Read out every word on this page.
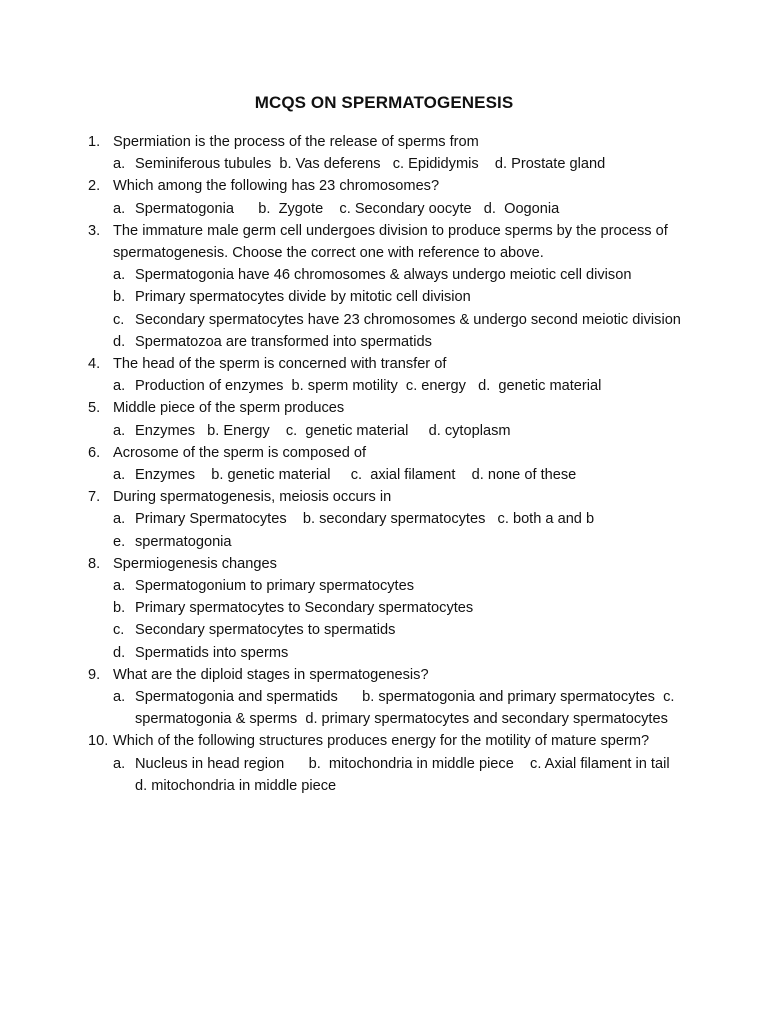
MCQS ON SPERMATOGENESIS
1. Spermiation is the process of the release of sperms from
a. Seminiferous tubules  b. Vas deferens   c. Epididymis    d. Prostate gland
2. Which among the following has 23 chromosomes?
a. Spermatogonia      b.  Zygote    c. Secondary oocyte   d.  Oogonia
3. The immature male germ cell undergoes division to produce sperms by the process of spermatogenesis. Choose the correct one with reference to above.
a. Spermatogonia have 46 chromosomes & always undergo meiotic cell divison
b. Primary spermatocytes divide by mitotic cell division
c. Secondary spermatocytes have 23 chromosomes & undergo second meiotic division
d. Spermatozoa are transformed into spermatids
4. The head of the sperm is concerned with transfer of
a. Production of enzymes  b. sperm motility  c. energy   d.  genetic material
5. Middle piece of the sperm produces
a. Enzymes   b. Energy    c.  genetic material     d. cytoplasm
6. Acrosome of the sperm is composed of
a. Enzymes    b. genetic material     c.  axial filament    d. none of these
7. During spermatogenesis, meiosis occurs in
a. Primary Spermatocytes    b. secondary spermatocytes   c. both a and b
e. spermatogonia
8. Spermiogenesis changes
a. Spermatogonium to primary spermatocytes
b. Primary spermatocytes to Secondary spermatocytes
c. Secondary spermatocytes to spermatids
d. Spermatids into sperms
9. What are the diploid stages in spermatogenesis?
a. Spermatogonia and spermatids      b. spermatogonia and primary spermatocytes  c. spermatogonia & sperms  d. primary spermatocytes and secondary spermatocytes
10. Which of the following structures produces energy for the motility of mature sperm?
a. Nucleus in head region      b.  mitochondria in middle piece    c. Axial filament in tail          d. mitochondria in middle piece
